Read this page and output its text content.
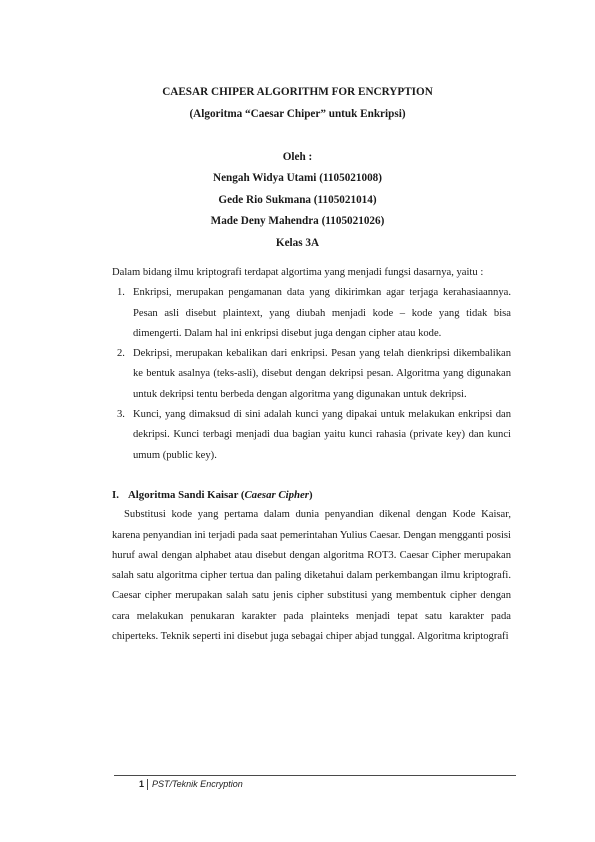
CAESAR CHIPER ALGORITHM FOR ENCRYPTION
(Algoritma “Caesar Chiper” untuk Enkripsi)
Oleh :
Nengah Widya Utami (1105021008)
Gede Rio Sukmana (1105021014)
Made Deny Mahendra (1105021026)
Kelas 3A

Dalam bidang ilmu kriptografi terdapat algortima yang menjadi fungsi dasarnya, yaitu :

1. Enkripsi, merupakan pengamanan data yang dikirimkan agar terjaga kerahasiaannya. Pesan asli disebut plaintext, yang diubah menjadi kode – kode yang tidak bisa dimengerti. Dalam hal ini enkripsi disebut juga dengan cipher atau kode.
2. Dekripsi, merupakan kebalikan dari enkripsi. Pesan yang telah dienkripsi dikembalikan ke bentuk asalnya (teks-asli), disebut dengan dekripsi pesan. Algoritma yang digunakan untuk dekripsi tentu berbeda dengan algoritma yang digunakan untuk dekripsi.
3. Kunci, yang dimaksud di sini adalah kunci yang dipakai untuk melakukan enkripsi dan dekripsi. Kunci terbagi menjadi dua bagian yaitu kunci rahasia (private key) dan kunci umum (public key).
I. Algoritma Sandi Kaisar (Caesar Cipher)

Substitusi kode yang pertama dalam dunia penyandian dikenal dengan Kode Kaisar, karena penyandian ini terjadi pada saat pemerintahan Yulius Caesar. Dengan mengganti posisi huruf awal dengan alphabet atau disebut dengan algoritma ROT3. Caesar Cipher merupakan salah satu algoritma cipher tertua dan paling diketahui dalam perkembangan ilmu kriptografi. Caesar cipher merupakan salah satu jenis cipher substitusi yang membentuk cipher dengan cara melakukan penukaran karakter pada plainteks menjadi tepat satu karakter pada chiperteks. Teknik seperti ini disebut juga sebagai chiper abjad tunggal. Algoritma kriptografi

1 PST/Teknik Encryption
